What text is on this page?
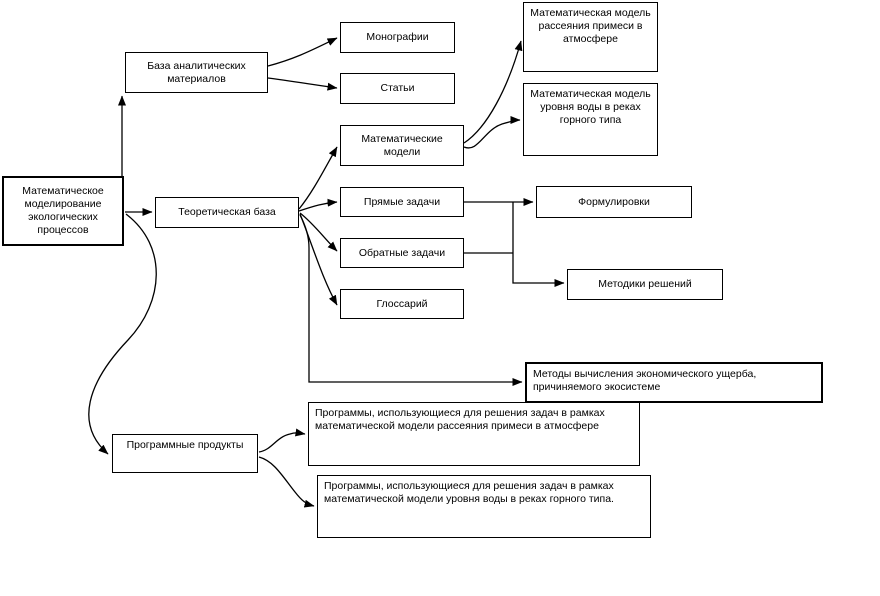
Математическое моделирование экологических процессов
База аналитических материалов
Монографии
Статьи
Теоретическая база
Математические модели
Математическая модель рассеяния примеси в атмосфере
Математическая модель уровня воды в реках горного типа
Прямые задачи
Обратные задачи
Глоссарий
Формулировки
Методики решений
Методы вычисления экономического ущерба, причиняемого экосистеме
Программные продукты
Программы, использующиеся для решения задач в рамках математической модели рассеяния примеси в атмосфере
Программы, использующиеся для решения задач в рамках математической модели уровня воды в реках горного типа.
